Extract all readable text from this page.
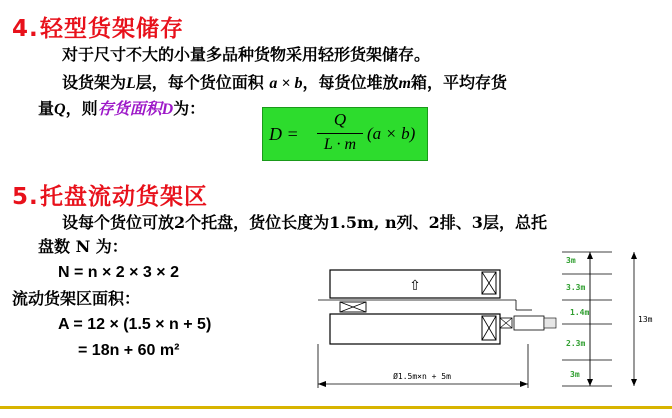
4.轻型货架储存
对于尺寸不大的小量多品种货物采用轻形货架储存。
设货架为L层，每个货位面积 a × b，每货位堆放m箱，平均存货
量Q，则存货面积D为：
D =
Q
L · m
(a × b)
5.托盘流动货架区
设每个货位可放2个托盘，货位长度为1.5m, n列、2排、3层，总托
盘数 N 为：
N = n × 2 × 3 × 2
流动货架区面积：
A = 12 × (1.5 × n + 5)
= 18n + 60 m²
⇧
Ø1.5m×n + 5m
3m
3.3m
1.4m
2.3m
3m
13m
